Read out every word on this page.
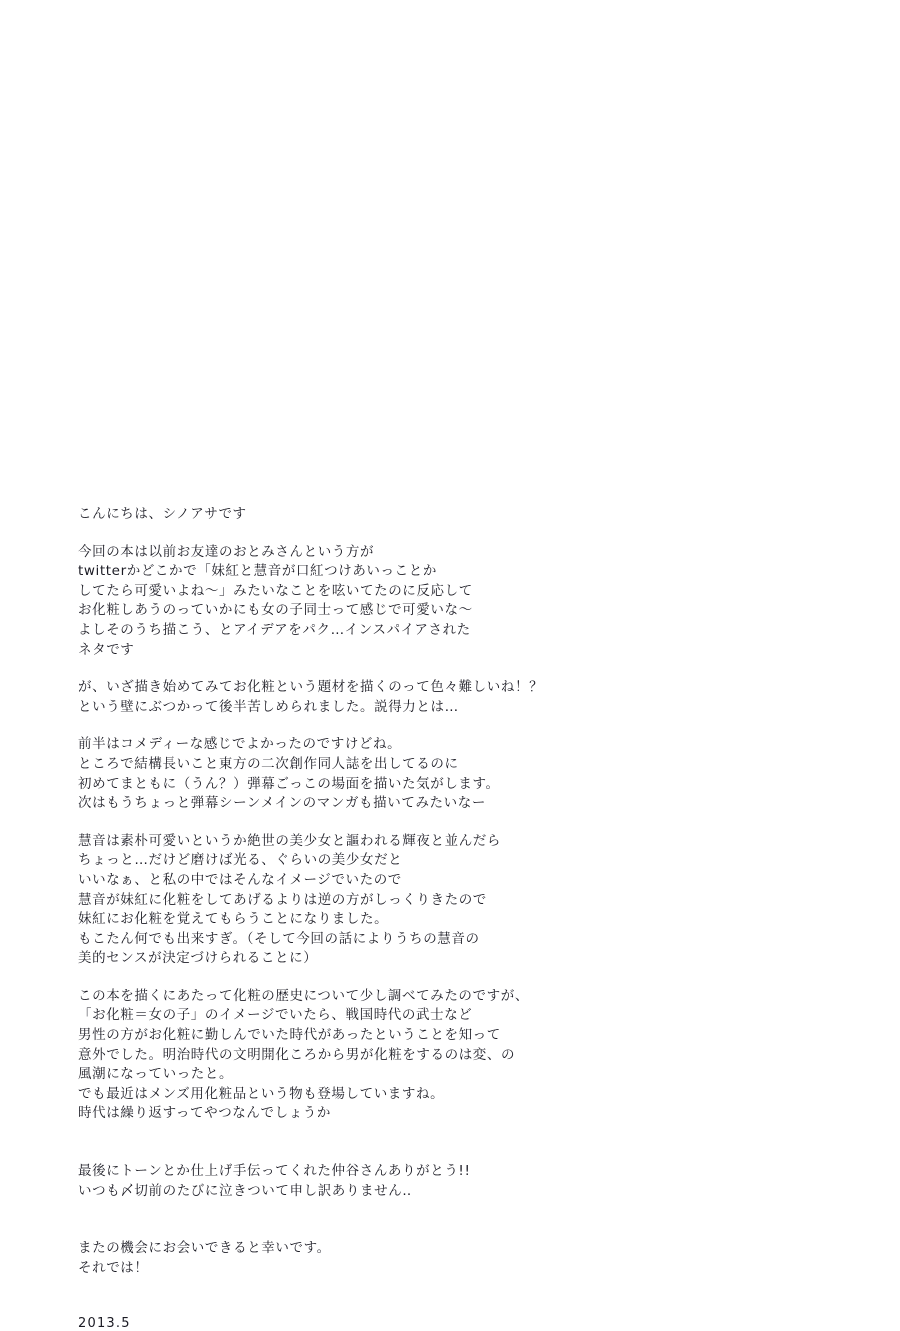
こんにちは、シノアサです
今回の本は以前お友達のおとみさんという方が
twitterかどこかで「妹紅と慧音が口紅つけあいっことか
してたら可愛いよね〜」みたいなことを呟いてたのに反応して
お化粧しあうのっていかにも女の子同士って感じで可愛いな〜
よしそのうち描こう、とアイデアをパク…インスパイアされた
ネタです
が、いざ描き始めてみてお化粧という題材を描くのって色々難しいね！？
という壁にぶつかって後半苦しめられました。説得力とは…
前半はコメディーな感じでよかったのですけどね。
ところで結構長いこと東方の二次創作同人誌を出してるのに
初めてまともに（うん？）弾幕ごっこの場面を描いた気がします。
次はもうちょっと弾幕シーンメインのマンガも描いてみたいなー
慧音は素朴可愛いというか絶世の美少女と謳われる輝夜と並んだら
ちょっと…だけど磨けば光る、ぐらいの美少女だと
いいなぁ、と私の中ではそんなイメージでいたので
慧音が妹紅に化粧をしてあげるよりは逆の方がしっくりきたので
妹紅にお化粧を覚えてもらうことになりました。
もこたん何でも出来すぎ。（そして今回の話によりうちの慧音の
美的センスが決定づけられることに）
この本を描くにあたって化粧の歴史について少し調べてみたのですが、
「お化粧＝女の子」のイメージでいたら、戦国時代の武士など
男性の方がお化粧に勤しんでいた時代があったということを知って
意外でした。明治時代の文明開化ころから男が化粧をするのは変、の
風潮になっていったと。
でも最近はメンズ用化粧品という物も登場していますね。
時代は繰り返すってやつなんでしょうか
最後にトーンとか仕上げ手伝ってくれた仲谷さんありがとう!!
いつも〆切前のたびに泣きついて申し訳ありません‥
またの機会にお会いできると幸いです。
それでは！
2013.5
